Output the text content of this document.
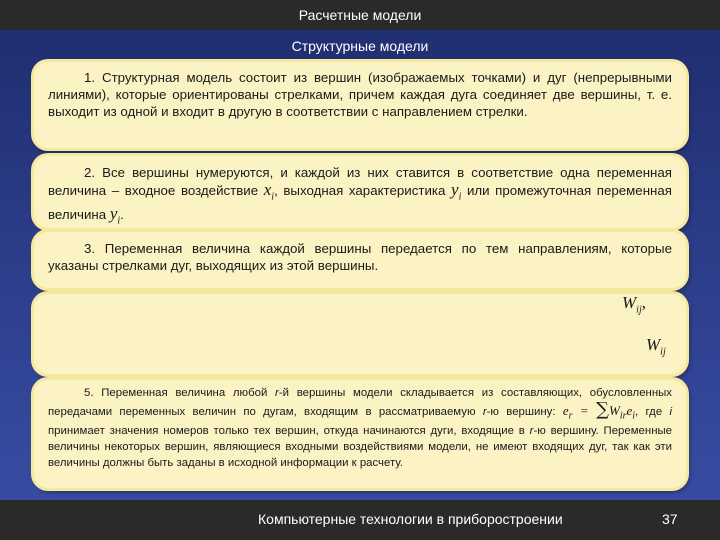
Расчетные модели
Структурные модели

1. Структурная модель состоит из вершин (изображаемых точками) и дуг (непрерывными линиями), которые ориентированы стрелками, причем каждая дуга соединяет две вершины, т. е. выходит из одной и входит в другую в соответствии с направлением стрелки.

2. Все вершины нумеруются, и каждой из них ставится в соответствие одна переменная величина – входное воздействие $x_i$, выходная характеристика $y_i$ или промежуточная переменная величина $y_i$.

3. Переменная величина каждой вершины передается по тем направлениям, которые указаны стрелками дуг, выходящих из этой вершины.

$W_{ij}$,
$W_{ij}$

5. Переменная величина любой r-й вершины модели складывается из составляющих, обусловленных передачами переменных величин по дугам, входящим в рассматриваемую r-ю вершину: $e_r = \sum W_{ir}e_i$, где i принимает значения номеров только тех вершин, откуда начинаются дуги, входящие в r-ю вершину. Переменные величины некоторых вершин, являющиеся входными воздействиями модели, не имеют входящих дуг, так как эти величины должны быть заданы в исходной информации к расчету.

Компьютерные технологии в приборостроении	37
